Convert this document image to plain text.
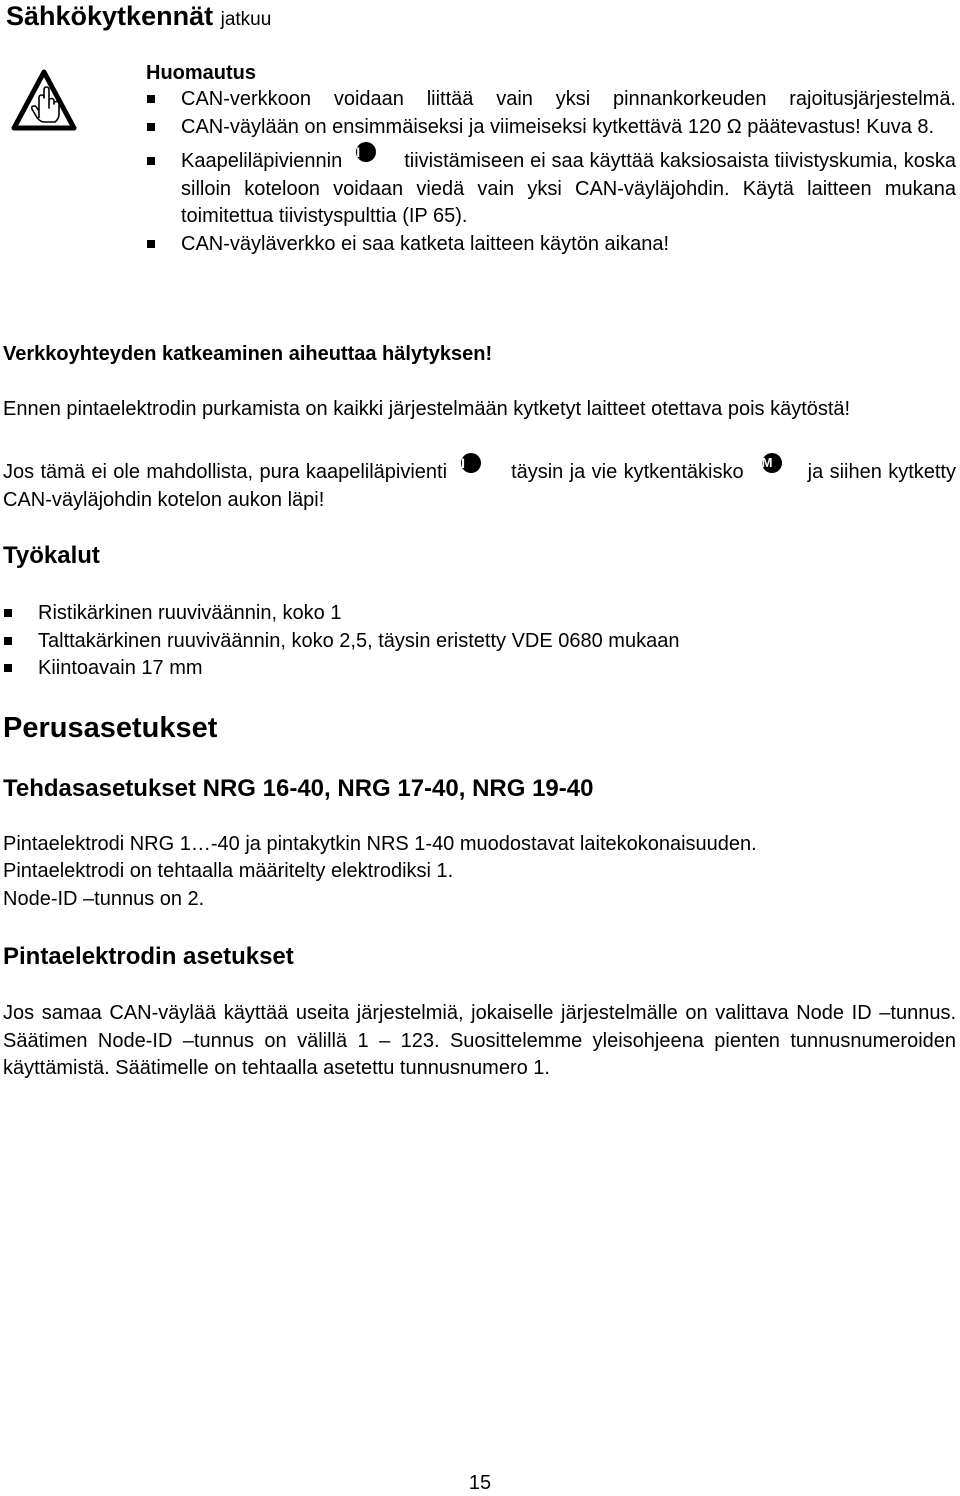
Sähkökytkennät jatkuu
Huomautus
CAN-verkkoon voidaan liittää vain yksi pinnankorkeuden rajoitusjärjestelmä.
CAN-väylään on ensimmäiseksi ja viimeiseksi kytkettävä 120 Ω päätevastus! Kuva 8.
Kaapeliläpiviennin I tiivistämiseen ei saa käyttää kaksiosaista tiivistyskumia, koska silloin koteloon voidaan viedä vain yksi CAN-väyläjohdin. Käytä laitteen mukana toimitettua tiivistyspulttia (IP 65).
CAN-väyläverkko ei saa katketa laitteen käytön aikana!
Verkkoyhteyden katkeaminen aiheuttaa hälytyksen!
Ennen pintaelektrodin purkamista on kaikki järjestelmään kytketyt laitteet otettava pois käytöstä!
Jos tämä ei ole mahdollista, pura kaapeliläpivienti I täysin ja vie kytkentäkisko M ja siihen kytketty CAN-väyläjohdin kotelon aukon läpi!
Työkalut
Ristikärkinen ruuviväännin, koko 1
Talttakärkinen ruuviväännin, koko 2,5, täysin eristetty VDE 0680 mukaan
Kiintoavain 17 mm
Perusasetukset
Tehdasasetukset NRG 16-40, NRG 17-40, NRG 19-40
Pintaelektrodi NRG 1…-40 ja pintakytkin NRS 1-40 muodostavat laitekokonaisuuden.
Pintaelektrodi on tehtaalla määritelty elektrodiksi 1.
Node-ID –tunnus on 2.
Pintaelektrodin asetukset
Jos samaa CAN-väylää käyttää useita järjestelmiä, jokaiselle järjestelmälle on valittava Node ID –tunnus. Säätimen Node-ID –tunnus on välillä 1 – 123. Suosittelemme yleisohjeena pienten tunnusnumeroiden käyttämistä. Säätimelle on tehtaalla asetettu tunnusnumero 1.
15
